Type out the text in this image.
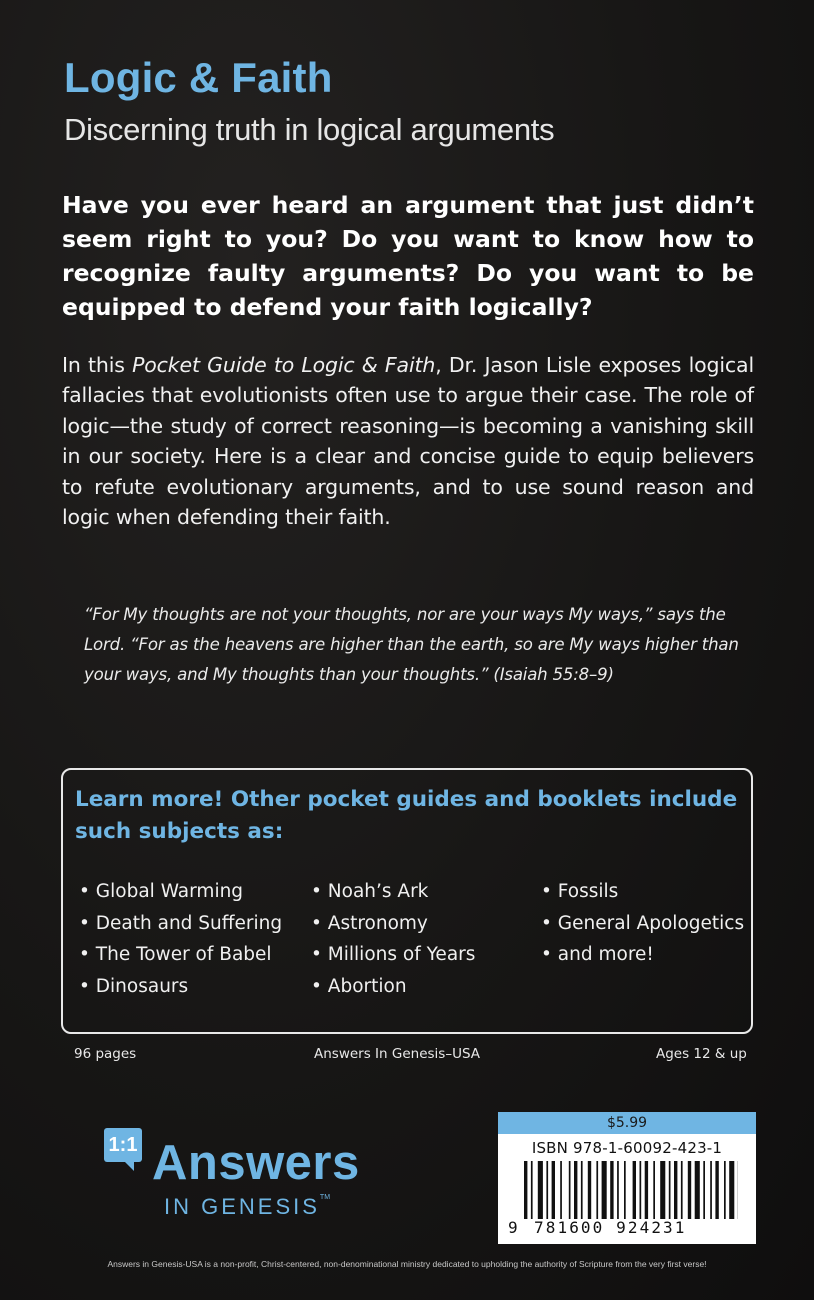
Logic & Faith
Discerning truth in logical arguments
Have you ever heard an argument that just didn’t seem right to you? Do you want to know how to recognize faulty arguments? Do you want to be equipped to defend your faith logically?
In this Pocket Guide to Logic & Faith, Dr. Jason Lisle exposes logical fallacies that evolutionists often use to argue their case. The role of logic—the study of correct reasoning—is becoming a vanishing skill in our society. Here is a clear and concise guide to equip believers to refute evolutionary arguments, and to use sound reason and logic when defending their faith.
“For My thoughts are not your thoughts, nor are your ways My ways,” says the Lord. “For as the heavens are higher than the earth, so are My ways higher than your ways, and My thoughts than your thoughts.” (Isaiah 55:8–9)
Learn more! Other pocket guides and booklets include such subjects as:
• Global Warming
• Death and Suffering
• The Tower of Babel
• Dinosaurs
• Noah’s Ark
• Astronomy
• Millions of Years
• Abortion
• Fossils
• General Apologetics
• and more!
96 pages	Answers In Genesis–USA	Ages 12 & up
1:1 Answers
IN GENESIS™
$5.99
ISBN 978-1-60092-423-1
9 781600 924231
Answers in Genesis-USA is a non-profit, Christ-centered, non-denominational ministry dedicated to upholding the authority of Scripture from the very first verse!
